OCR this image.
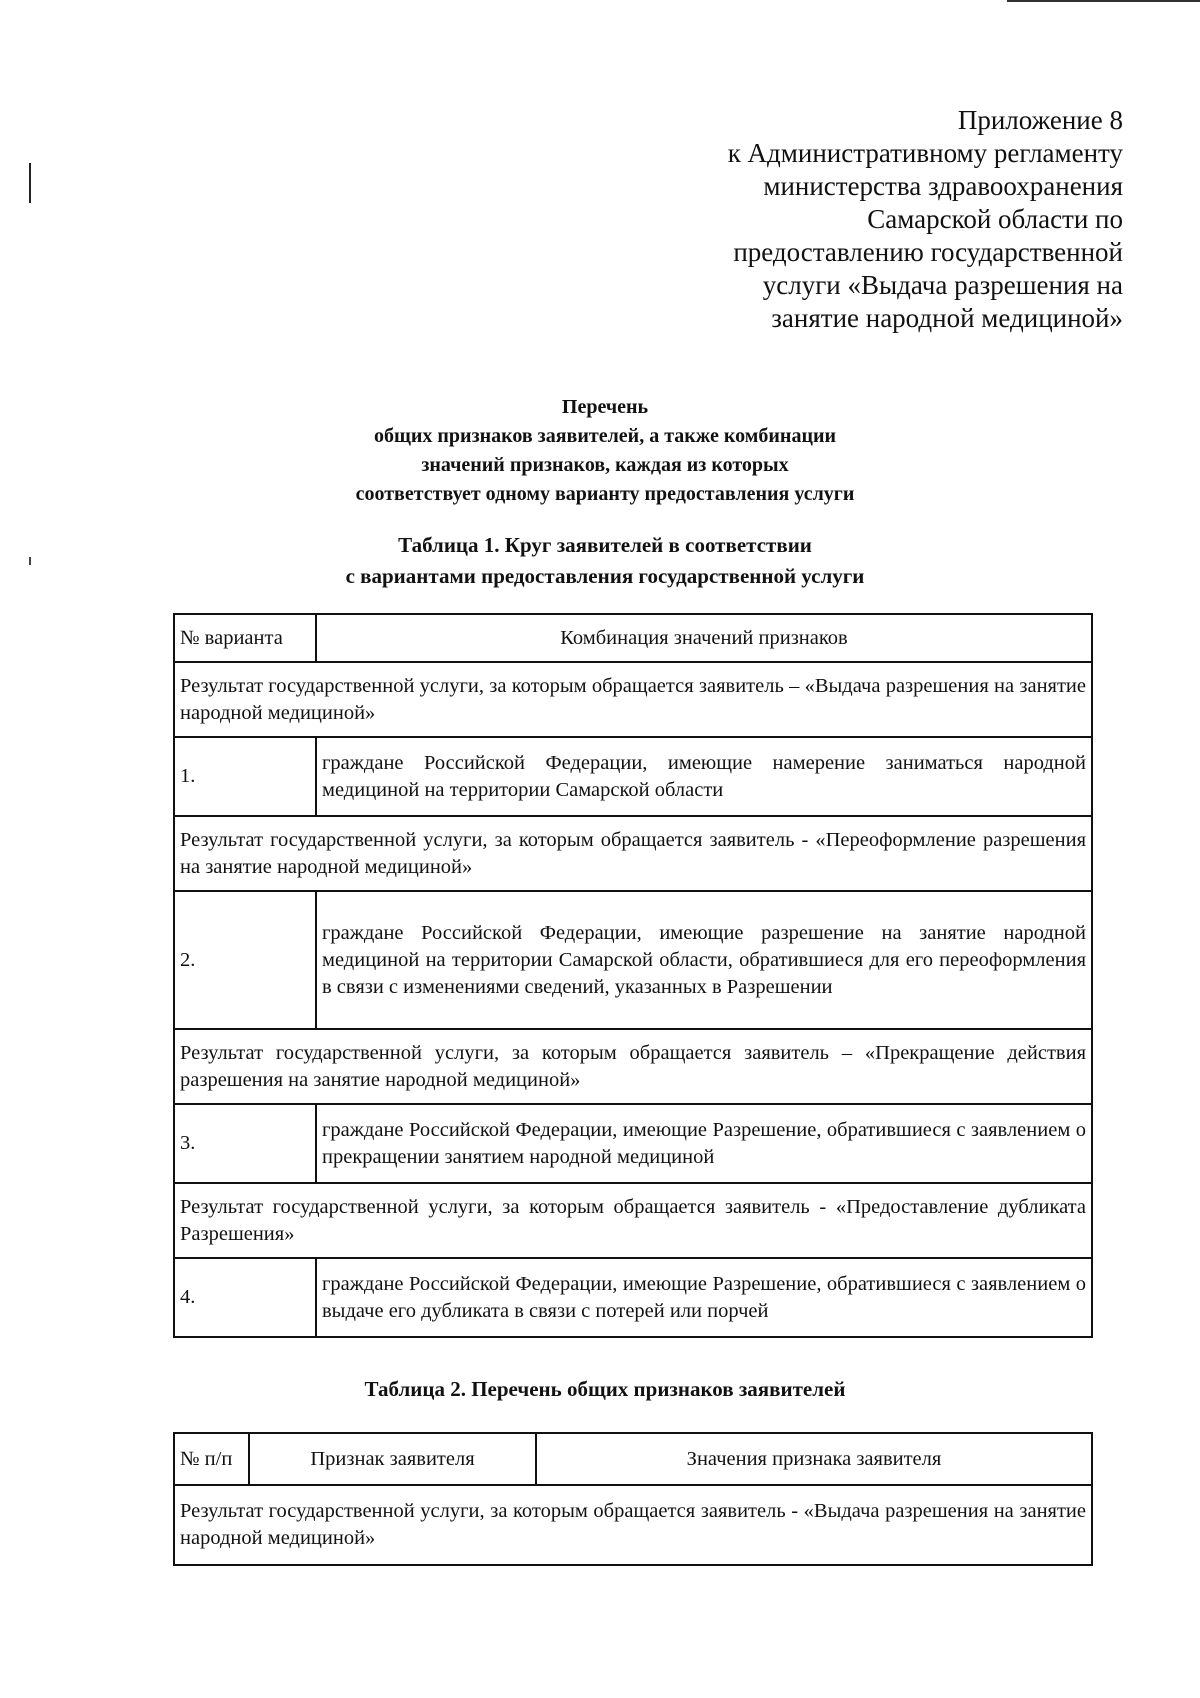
Приложение 8
к Административному регламенту
министерства здравоохранения
Самарской области по
предоставлению государственной
услуги «Выдача разрешения на
занятие народной медициной»
Перечень
общих признаков заявителей, а также комбинации
значений признаков, каждая из которых
соответствует одному варианту предоставления услуги
Таблица 1. Круг заявителей в соответствии
с вариантами предоставления государственной услуги
№ варианта	Комбинация значений признаков
Результат государственной услуги, за которым обращается заявитель – «Выдача разрешения на занятие народной медициной»	
1.	граждане Российской Федерации, имеющие намерение заниматься народной медициной на территории Самарской области
Результат государственной услуги, за которым обращается заявитель - «Переоформление разрешения на занятие народной медициной»	
2.	граждане Российской Федерации, имеющие разрешение на занятие народной медициной на территории Самарской области, обратившиеся для его переоформления в связи с изменениями сведений, указанных в Разрешении
Результат государственной услуги, за которым обращается заявитель – «Прекращение действия разрешения на занятие народной медициной»	
3.	граждане Российской Федерации, имеющие Разрешение, обратившиеся с заявлением о прекращении занятием народной медициной
Результат государственной услуги, за которым обращается заявитель - «Предоставление дубликата Разрешения»	
4.	граждане Российской Федерации, имеющие Разрешение, обратившиеся с заявлением о выдаче его дубликата в связи с потерей или порчей
Таблица 2. Перечень общих признаков заявителей
№ п/п	Признак заявителя	Значения признака заявителя
Результат государственной услуги, за которым обращается заявитель - «Выдача разрешения на занятие народной медициной»
